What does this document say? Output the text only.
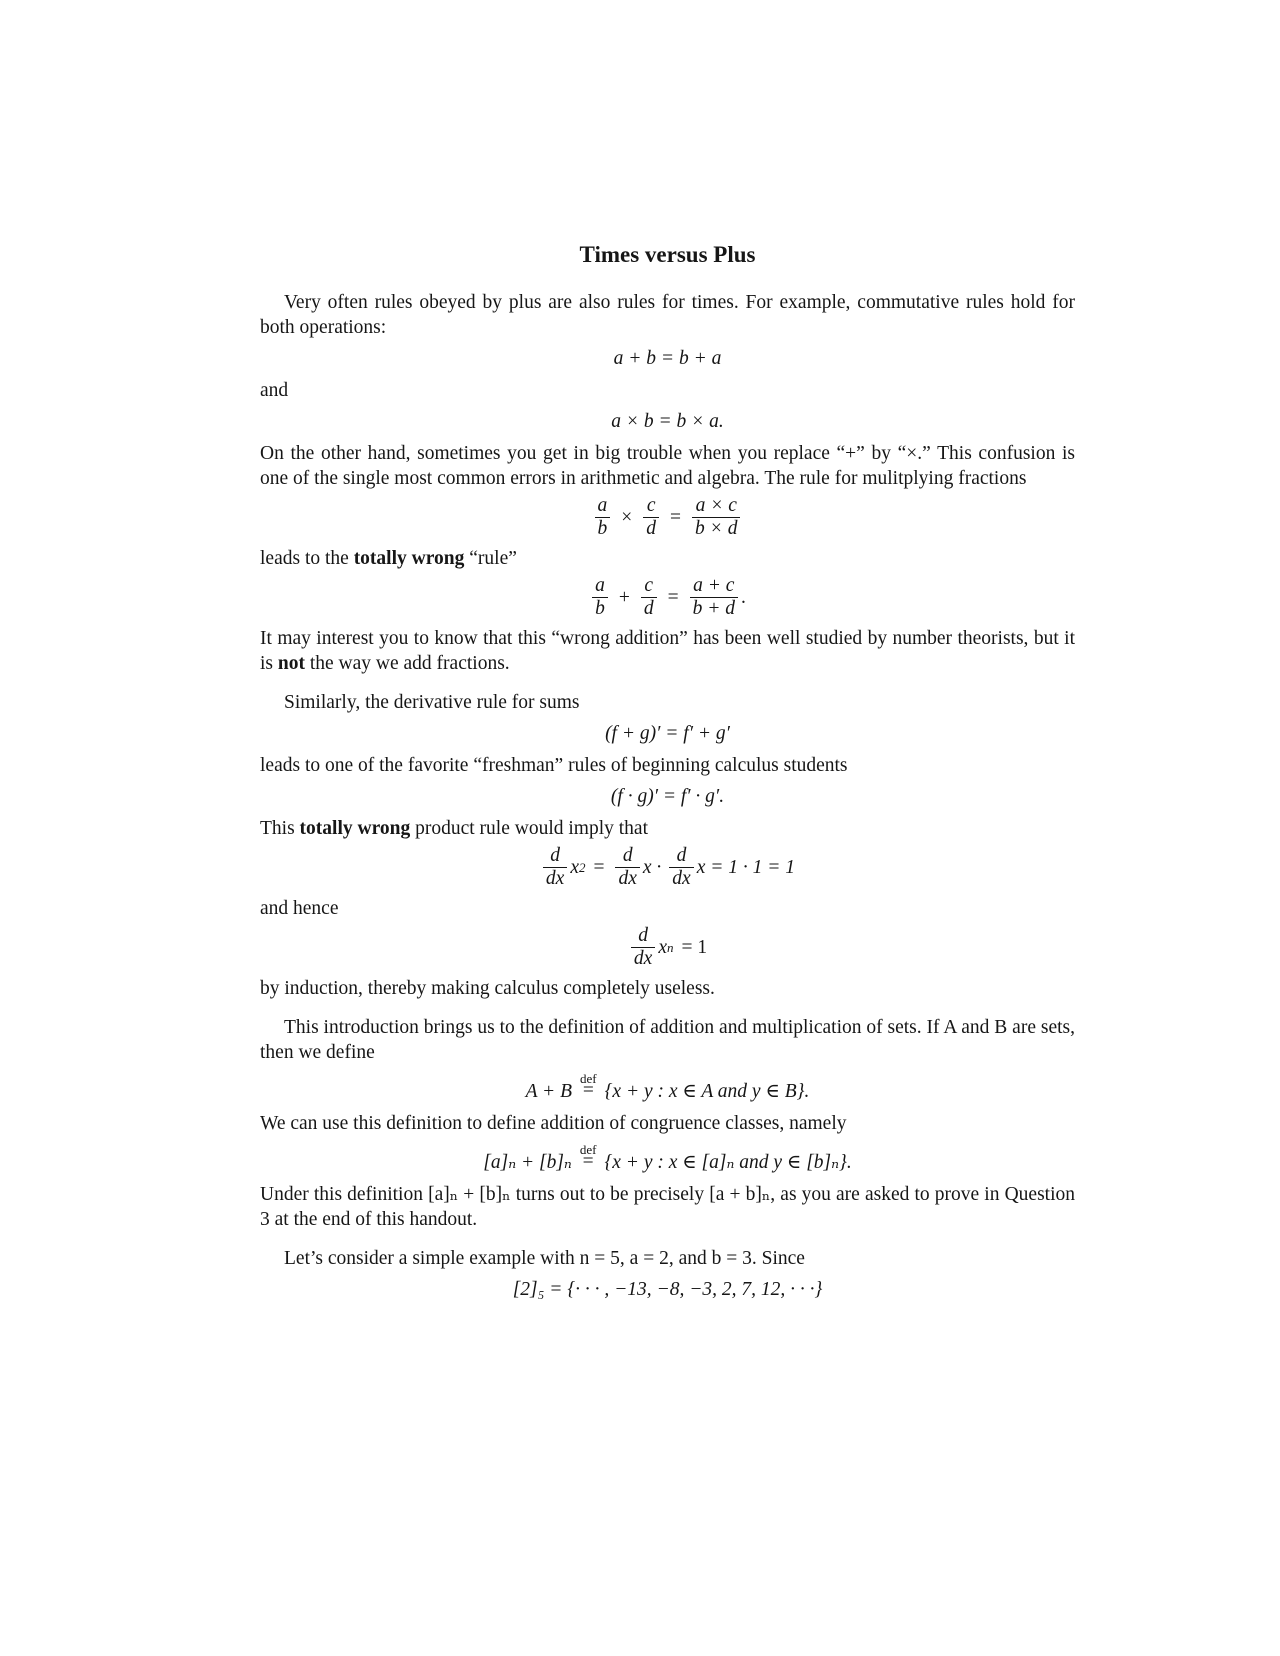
Times versus Plus

Very often rules obeyed by plus are also rules for times. For example, commutative rules hold for both operations:

a + b = b + a

and

a × b = b × a.

On the other hand, sometimes you get in big trouble when you replace “+” by “×.” This confusion is one of the single most common errors in arithmetic and algebra. The rule for mulitplying fractions

$\frac{a}{b} \times \frac{c}{d} = \frac{a \times c}{b \times d}$

leads to the totally wrong “rule”

$\frac{a}{b} + \frac{c}{d} = \frac{a + c}{b + d}$ .

It may interest you to know that this “wrong addition” has been well studied by number theorists, but it is not the way we add fractions.

Similarly, the derivative rule for sums

(f + g)′ = f′ + g′

leads to one of the favorite “freshman” rules of beginning calculus students

(f · g)′ = f′ · g′.

This totally wrong product rule would imply that

$\frac{d}{dx}$ x $2 = \frac{d}{dx}$ $x \cdot \frac{d}{dx}$ x = 1 · 1 = 1

and hence

$\frac{d}{dx}$ x n = 1

by induction, thereby making calculus completely useless.

This introduction brings us to the definition of addition and multiplication of sets. If A and B are sets, then we define

A + B
def
= {x + y : x ∈ A and y ∈ B}.

We can use this definition to define addition of congruence classes, namely

[a]ₙ + [b]ₙ
def
= {x + y : x ∈ [a]ₙ and y ∈ [b]ₙ}.

Under this definition [a]ₙ + [b]ₙ turns out to be precisely [a + b]ₙ, as you are asked to prove in Question 3 at the end of this handout.

Let’s consider a simple example with n = 5, a = 2, and b = 3. Since

[2]₅ = {· · · , −13, −8, −3, 2, 7, 12, · · ·}
